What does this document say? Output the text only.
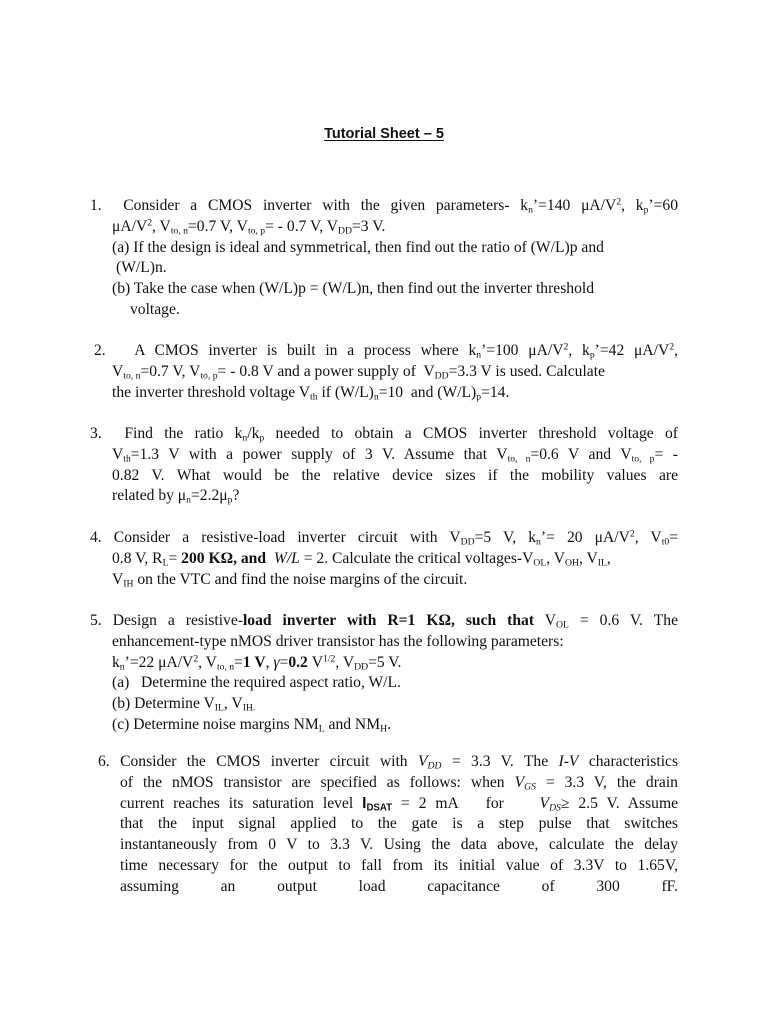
Tutorial Sheet – 5
1.  Consider a CMOS inverter with the given parameters- $k_n’=140$ $\mu A/V^2$, $k_p’=60$
$\mu A/V^2$, $V_{to, n}=0.7$ V, $V_{to, p}= - 0.7$ V, $V_{DD}=3$ V.
(a) If the design is ideal and symmetrical, then find out the ratio of (W/L)p and
(W/L)n.
(b) Take the case when (W/L)p = (W/L)n, then find out the inverter threshold
voltage.
2.   A CMOS inverter is built in a process where $k_n’=100$ $\mu A/V^2$, $k_p’=42$ $\mu A/V^2$,
$V_{to, n}=0.7$ V, $V_{to, p}= - 0.8$ V and a power supply of  $V_{DD}=3.3$ V is used. Calculate
the inverter threshold voltage $V_{th}$ if $(W/L)_n=10$  and $(W/L)_p=14$.
3.  Find the ratio $k_n/k_p$ needed to obtain a CMOS inverter threshold voltage of
$V_{th}=1.3$ V with a power supply of 3 V. Assume that $V_{to, n}=0.6$ V and $V_{to, p}=$ -
0.82 V. What would be the relative device sizes if the mobility values are
related by $\mu_n=2.2\mu_p$?
4. Consider a resistive-load inverter circuit with $V_{DD}=5$ V, $k_n’= 20$ $\mu A/V^2$, $V_{t0}=$
0.8 V, $R_L= 200$ KΩ, and W/L = 2. Calculate the critical voltages-$V_{OL}$, $V_{OH}$, $V_{IL}$,
$V_{IH}$ on the VTC and find the noise margins of the circuit.
5. Design a resistive-load inverter with R=1 KΩ, such that $V_{OL} = 0.6$ V. The
enhancement-type nMOS driver transistor has the following parameters:
$k_n’=22$ $\mu A/V^2$, $V_{to, n}=1$ V, γ=0.2 $V^{1/2}$, $V_{DD}=5$ V.
(a)   Determine the required aspect ratio, W/L.
(b) Determine $V_{IL}$, $V_{IH.}$
(c) Determine noise margins $NM_L$ and $NM_H$.
6. Consider the CMOS inverter circuit with $V_{DD} = 3.3$ V. The I-V characteristics
of the nMOS transistor are specified as follows: when $V_{GS} = 3.3$ V, the drain
current reaches its saturation level $I_{DSAT} = 2$ mA   for    $V_{DS}\ge 2.5$ V. Assume
that the input signal applied to the gate is a step pulse that switches
instantaneously from 0 V to 3.3 V. Using the data above, calculate the delay
time necessary for the output to fall from its initial value of 3.3V to 1.65V,
assuming an output load capacitance of 300 fF.
